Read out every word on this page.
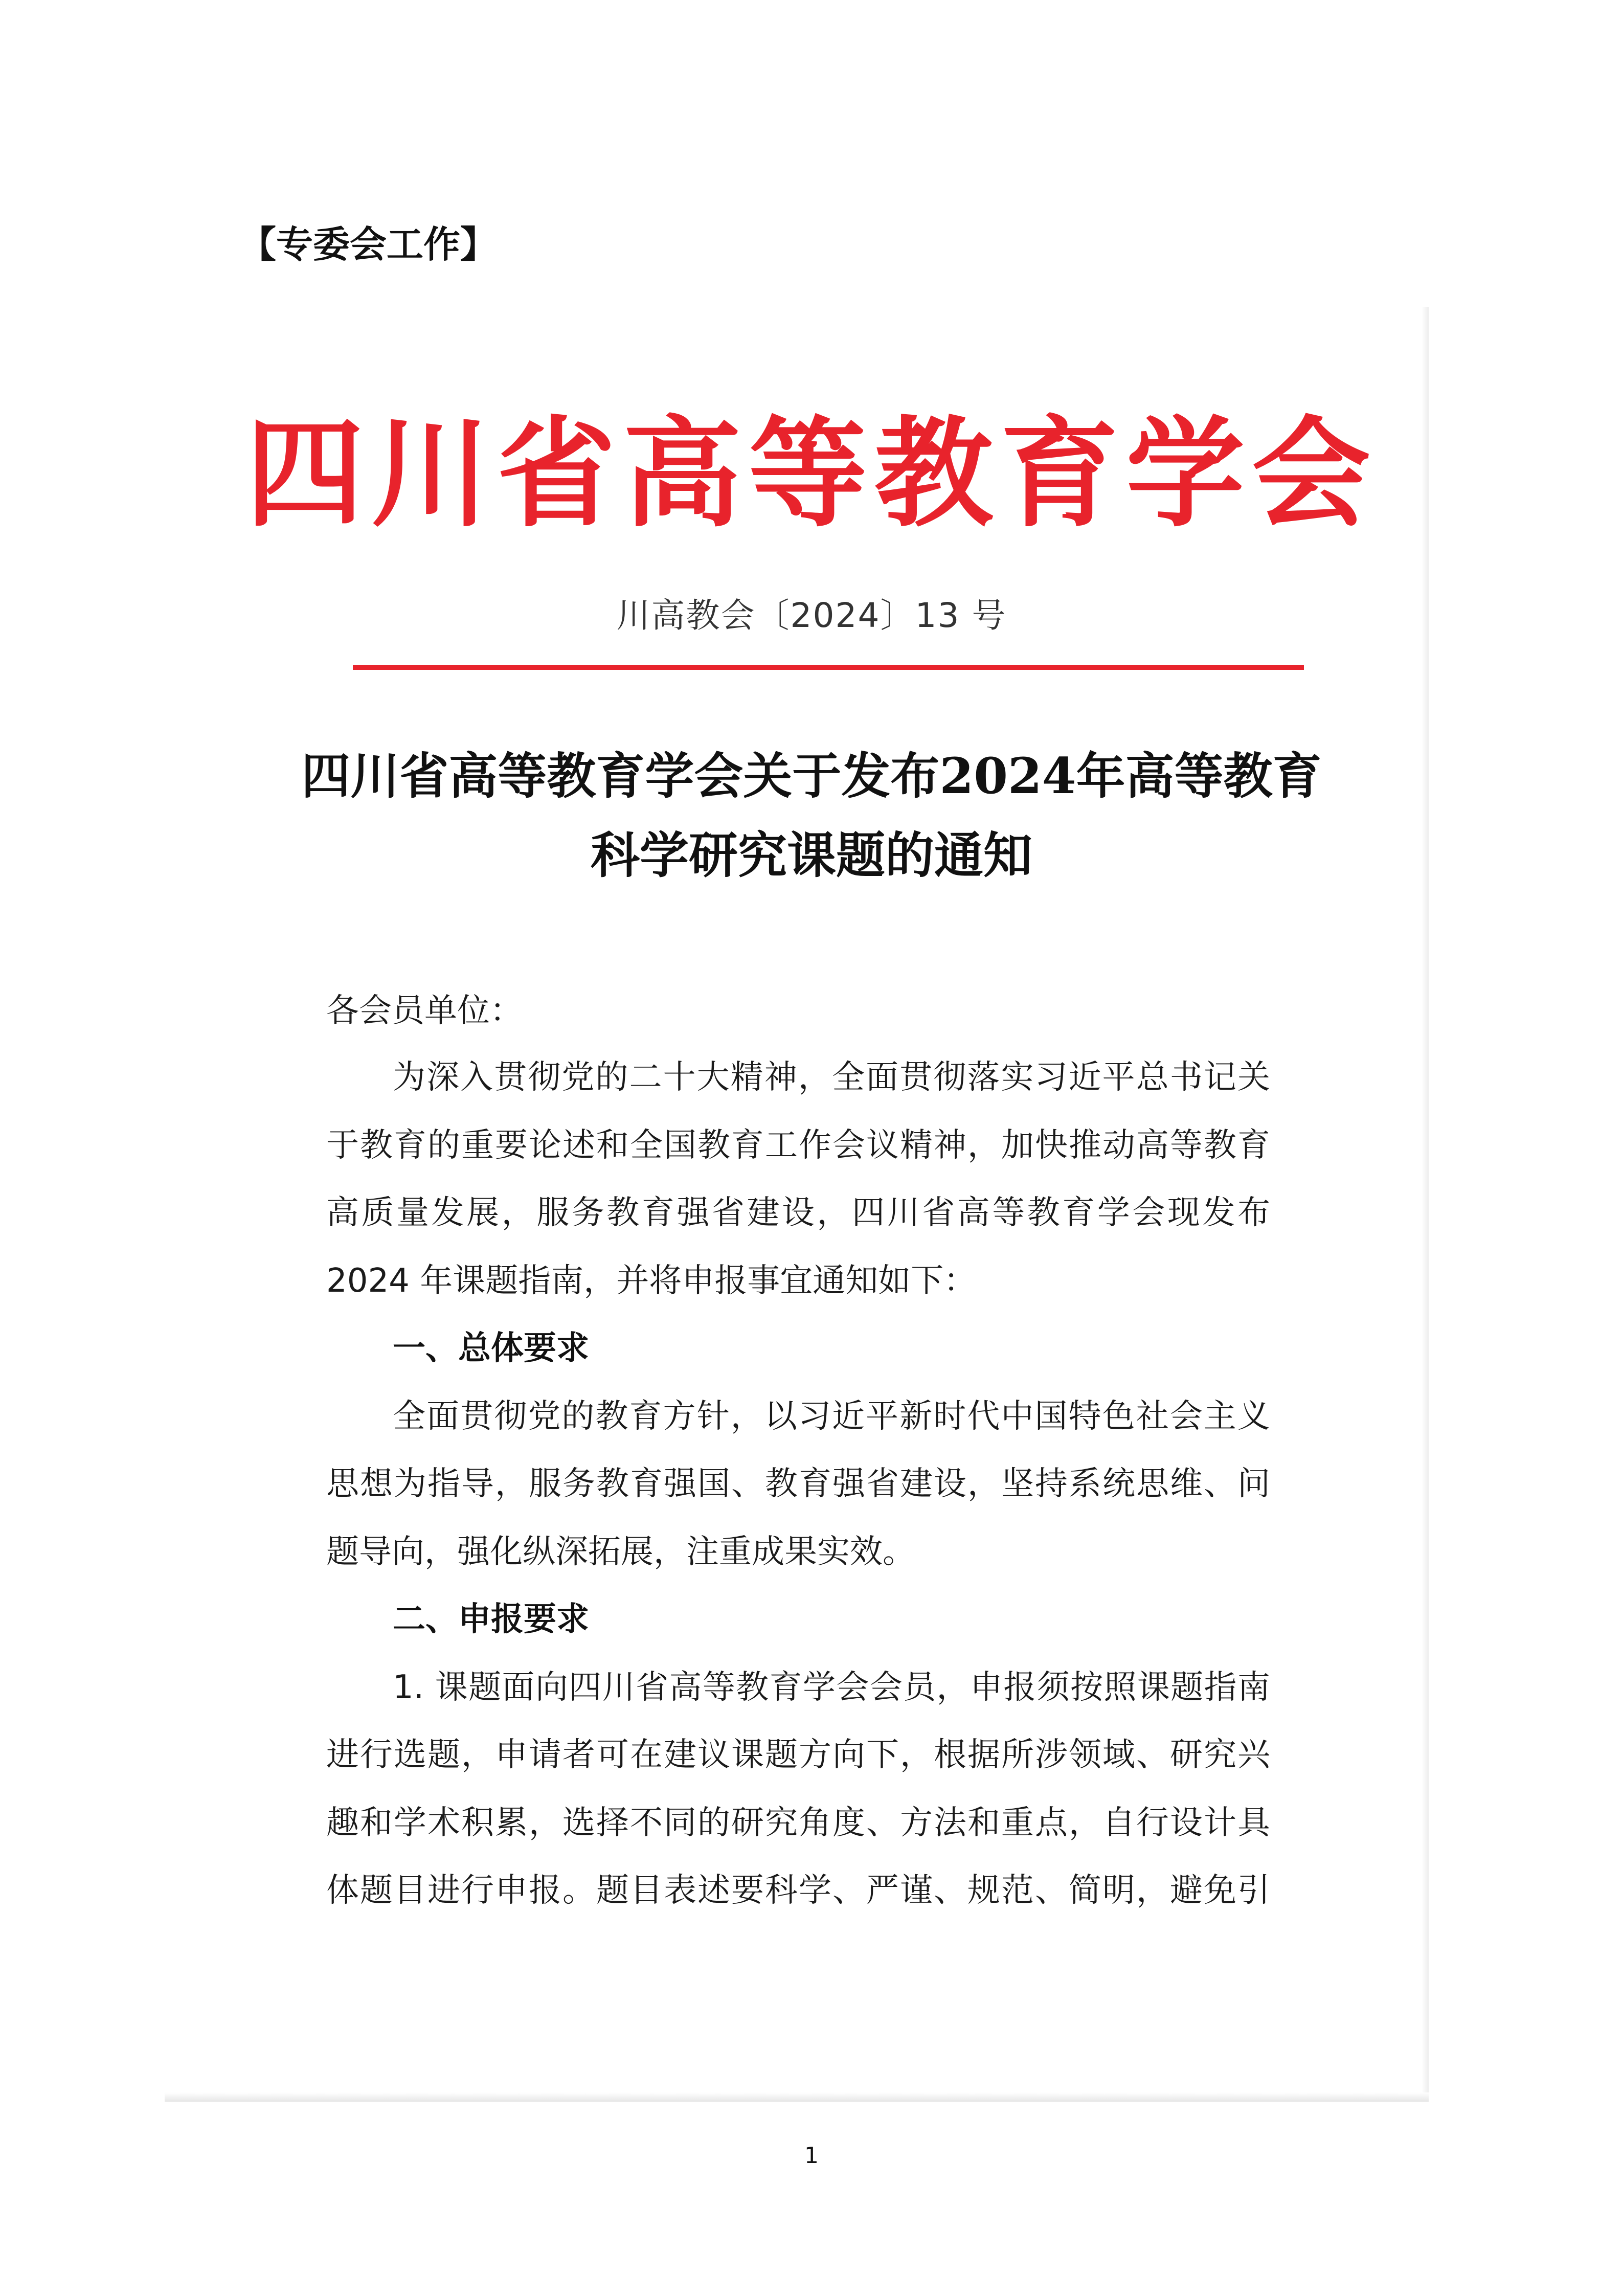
【专委会工作】
四川省高等教育学会
川高教会〔2024〕13 号
四川省高等教育学会关于发布2024年高等教育
科学研究课题的通知
各会员单位：
为深入贯彻党的二十大精神，全面贯彻落实习近平总书记关
于教育的重要论述和全国教育工作会议精神，加快推动高等教育
高质量发展，服务教育强省建设，四川省高等教育学会现发布
2024 年课题指南，并将申报事宜通知如下：
一、总体要求
全面贯彻党的教育方针，以习近平新时代中国特色社会主义
思想为指导，服务教育强国、教育强省建设，坚持系统思维、问
题导向，强化纵深拓展，注重成果实效。
二、申报要求
1. 课题面向四川省高等教育学会会员，申报须按照课题指南
进行选题，申请者可在建议课题方向下，根据所涉领域、研究兴
趣和学术积累，选择不同的研究角度、方法和重点，自行设计具
体题目进行申报。题目表述要科学、严谨、规范、简明，避免引
1
